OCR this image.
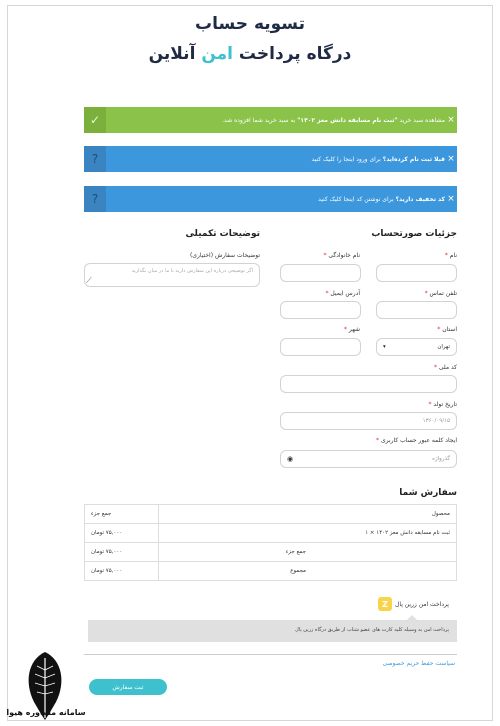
تسویه حساب
درگاه پرداخت امن آنلاین
×
مشاهده سبد خرید "ثبت نام مسابقه دانش معز ۱۴۰۲" به سبد خرید شما افزوده شد.
✓
×
قبلا ثبت نام کرده‌اید؟ برای ورود اینجا را کلیک کنید
?
×
کد تخفیف دارید؟ برای نوشتن کد اینجا کلیک کنید
?
جزئیات صورتحساب
توضیحات تکمیلی
نام *
نام خانوادگی *
تلفن تماس *
آدرس ایمیل *
استان *
تهران
▾
شهر *
کد ملی *
تاریخ تولد *
۱۳۶۰/۰۹/۱۵
ایجاد کلمه عبور حساب کاربری *
گذرواژه
◉
توضیحات سفارش (اختیاری)
اگر توضیحی درباره این سفارش دارید با ما در میان بگذارید
⟋
سفارش شما
محصول	جمع جزء
ثبت نام مسابقه دانش معز ۱۴۰۲ × ۱	۷۵,۰۰۰ تومان
جمع جزء	۷۵,۰۰۰ تومان
مجموع	۷۵,۰۰۰ تومان
Z	پرداخت امن زرین پال
پرداخت امن به وسیله کلیه کارت های عضو شتاب از طریق درگاه زرین پال
سیاست حفظ حریم خصوصی
ثبت سفارش
سامانه مشاوره هیوا
